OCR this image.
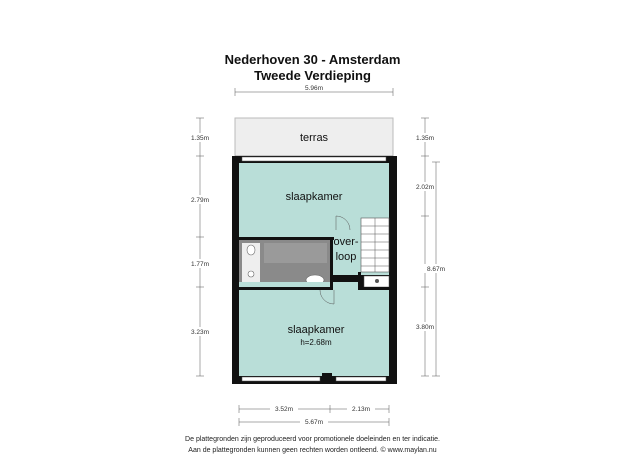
Nederhoven 30 - Amsterdam
Tweede Verdieping
slaapkamer
terras
over-
loop
slaapkamer
h=2.68m
5.96m
1.35m
2.79m
1.77m
3.23m
1.35m
2.02m
3.80m
8.67m
3.52m	2.13m
5.67m
De plattegronden zijn geproduceerd voor promotionele doeleinden en ter indicatie.
Aan de plattegronden kunnen geen rechten worden ontleend. © www.maylan.nu
